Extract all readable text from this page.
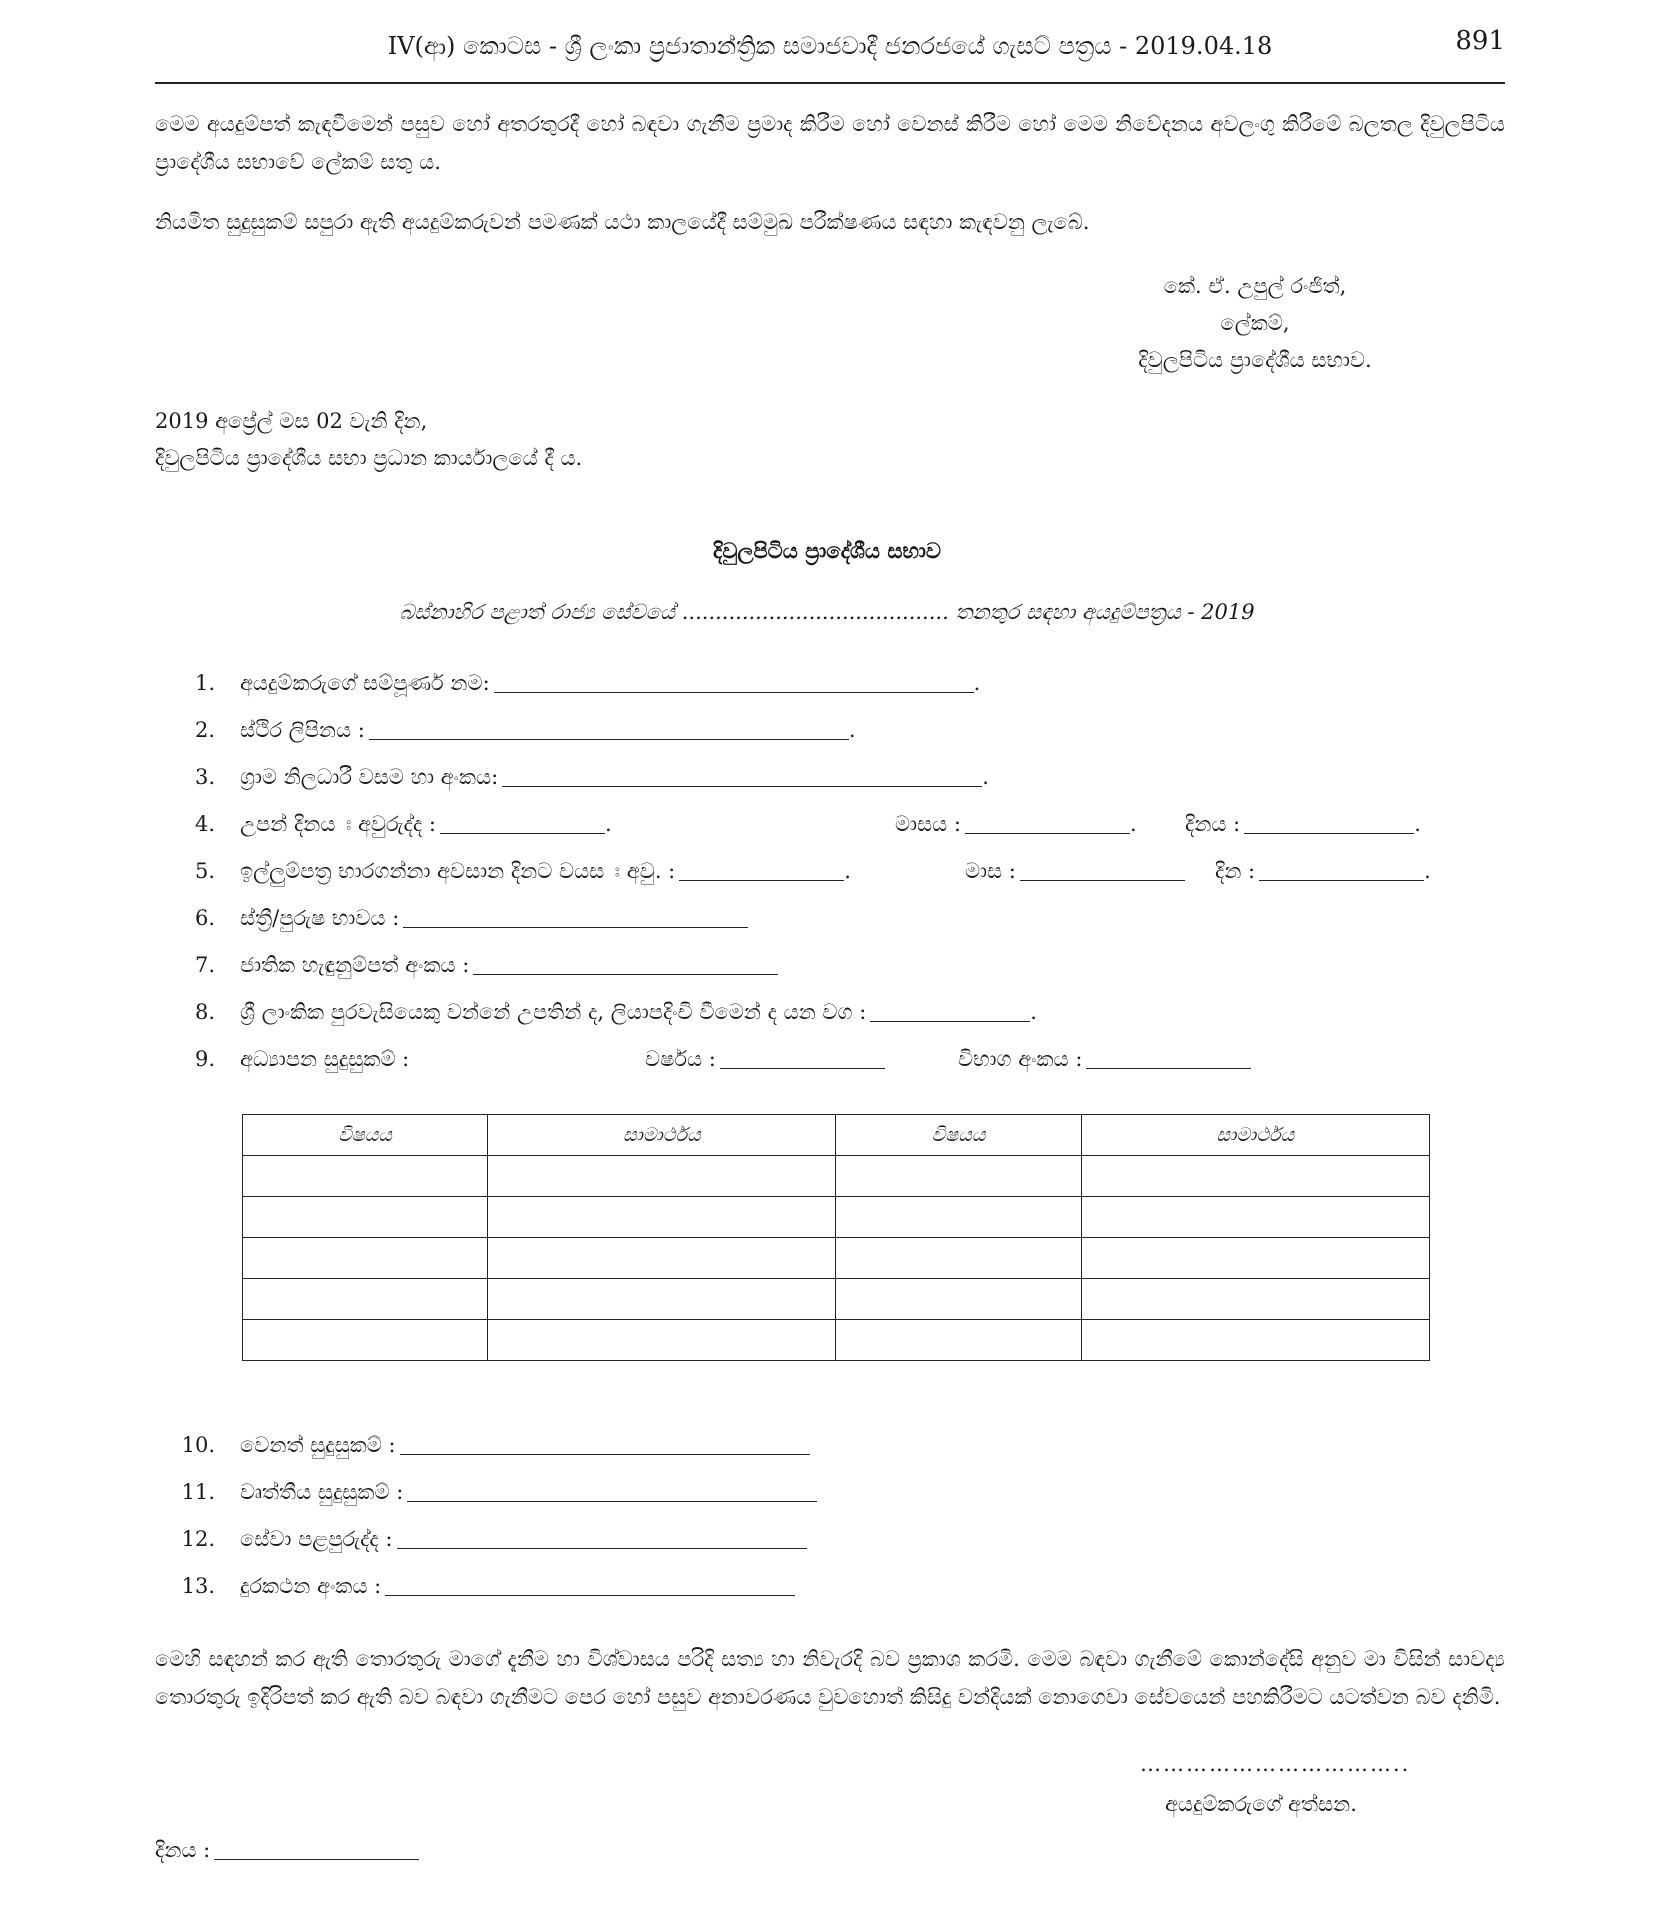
IV(ආ) කොටස - ශ්‍රී ලංකා ප්‍රජාතාන්ත්‍රික සමාජවාදී ජනරජයේ ගැසට් පත්‍රය - 2019.04.18	891
මෙම අයදුම්පත් කැඳවීමෙන් පසුව හෝ අතරතුරදී හෝ බඳවා ගැනීම ප්‍රමාද කිරීම හෝ වෙනස් කිරීම හෝ මෙම නිවේදනය අවලංගු කිරීමේ බලතල දිවුලපිටිය ප්‍රාදේශීය සභාවේ ලේකම් සතු ය.
නියමිත සුදුසුකම් සපුරා ඇති අයදුම්කරුවන් පමණක් යථා කාලයේදී සම්මුඛ පරීක්ෂණය සඳහා කැඳවනු ලැබේ.
කේ. ඒ. උපුල් රංජිත්,
ලේකම්,
දිවුලපිටිය ප්‍රාදේශීය සභාව.
2019 අප්‍රේල් මස 02 වැනි දින,
දිවුලපිටිය ප්‍රාදේශීය සභා ප්‍රධාන කාර්යාලයේ දී ය.
දිවුලපිටිය ප්‍රාදේශීය සභාව
බස්නාහිර පළාත් රාජ්‍ය සේවයේ ........................................ තනතුර සඳහා අයදුම්පත්‍රය - 2019
1. අයදුම්කරුගේ සම්පූර්ණ නම:	.
2. ස්ථිර ලිපිනය :	.
3. ග්‍රාම නිලධාරී වසම හා අංකය:	.
4. උපන් දිනය ඃ අවුරුද්ද :	.	මාසය :	. දිනය :	.
5. ඉල්ලුම්පත්‍ර භාරගන්නා අවසාන දිනට වයස ඃ අවු. :	.	මාස :	දින :	.
6. ස්ත්‍රී/පුරුෂ භාවය :
7. ජාතික හැඳුනුම්පත් අංකය :
8. ශ්‍රී ලාංකික පුරවැසියෙකු වන්නේ උපතින් ද, ලියාපදිංචි වීමෙන් ද යන වග :	.
9. අධ්‍යාපන සුදුසුකම් :	වර්ෂය :	විභාග අංකය :
විෂයය	සාමාර්ථය	විෂයය	සාමාර්ථය

10. වෙනත් සුදුසුකම් :
11. වෘත්තීය සුදුසුකම් :
12. සේවා පළපුරුද්ද :
13. දුරකථන අංකය :
මෙහි සඳහන් කර ඇති තොරතුරු මාගේ දැනීම හා විශ්වාසය පරිදි සත්‍ය හා නිවැරදි බව ප්‍රකාශ කරමි. මෙම බඳවා ගැනීමේ කොන්දේසි අනුව මා විසින් සාවද්‍ය තොරතුරු ඉදිරිපත් කර ඇති බව බඳවා ගැනීමට පෙර හෝ පසුව අනාවරණය වුවහොත් කිසිදු වන්දියක් නොගෙවා සේවයෙන් පහකිරීමට යටත්වන බව දනිමි.
……………………………..
අයදුම්කරුගේ අත්සන.
දිනය :
